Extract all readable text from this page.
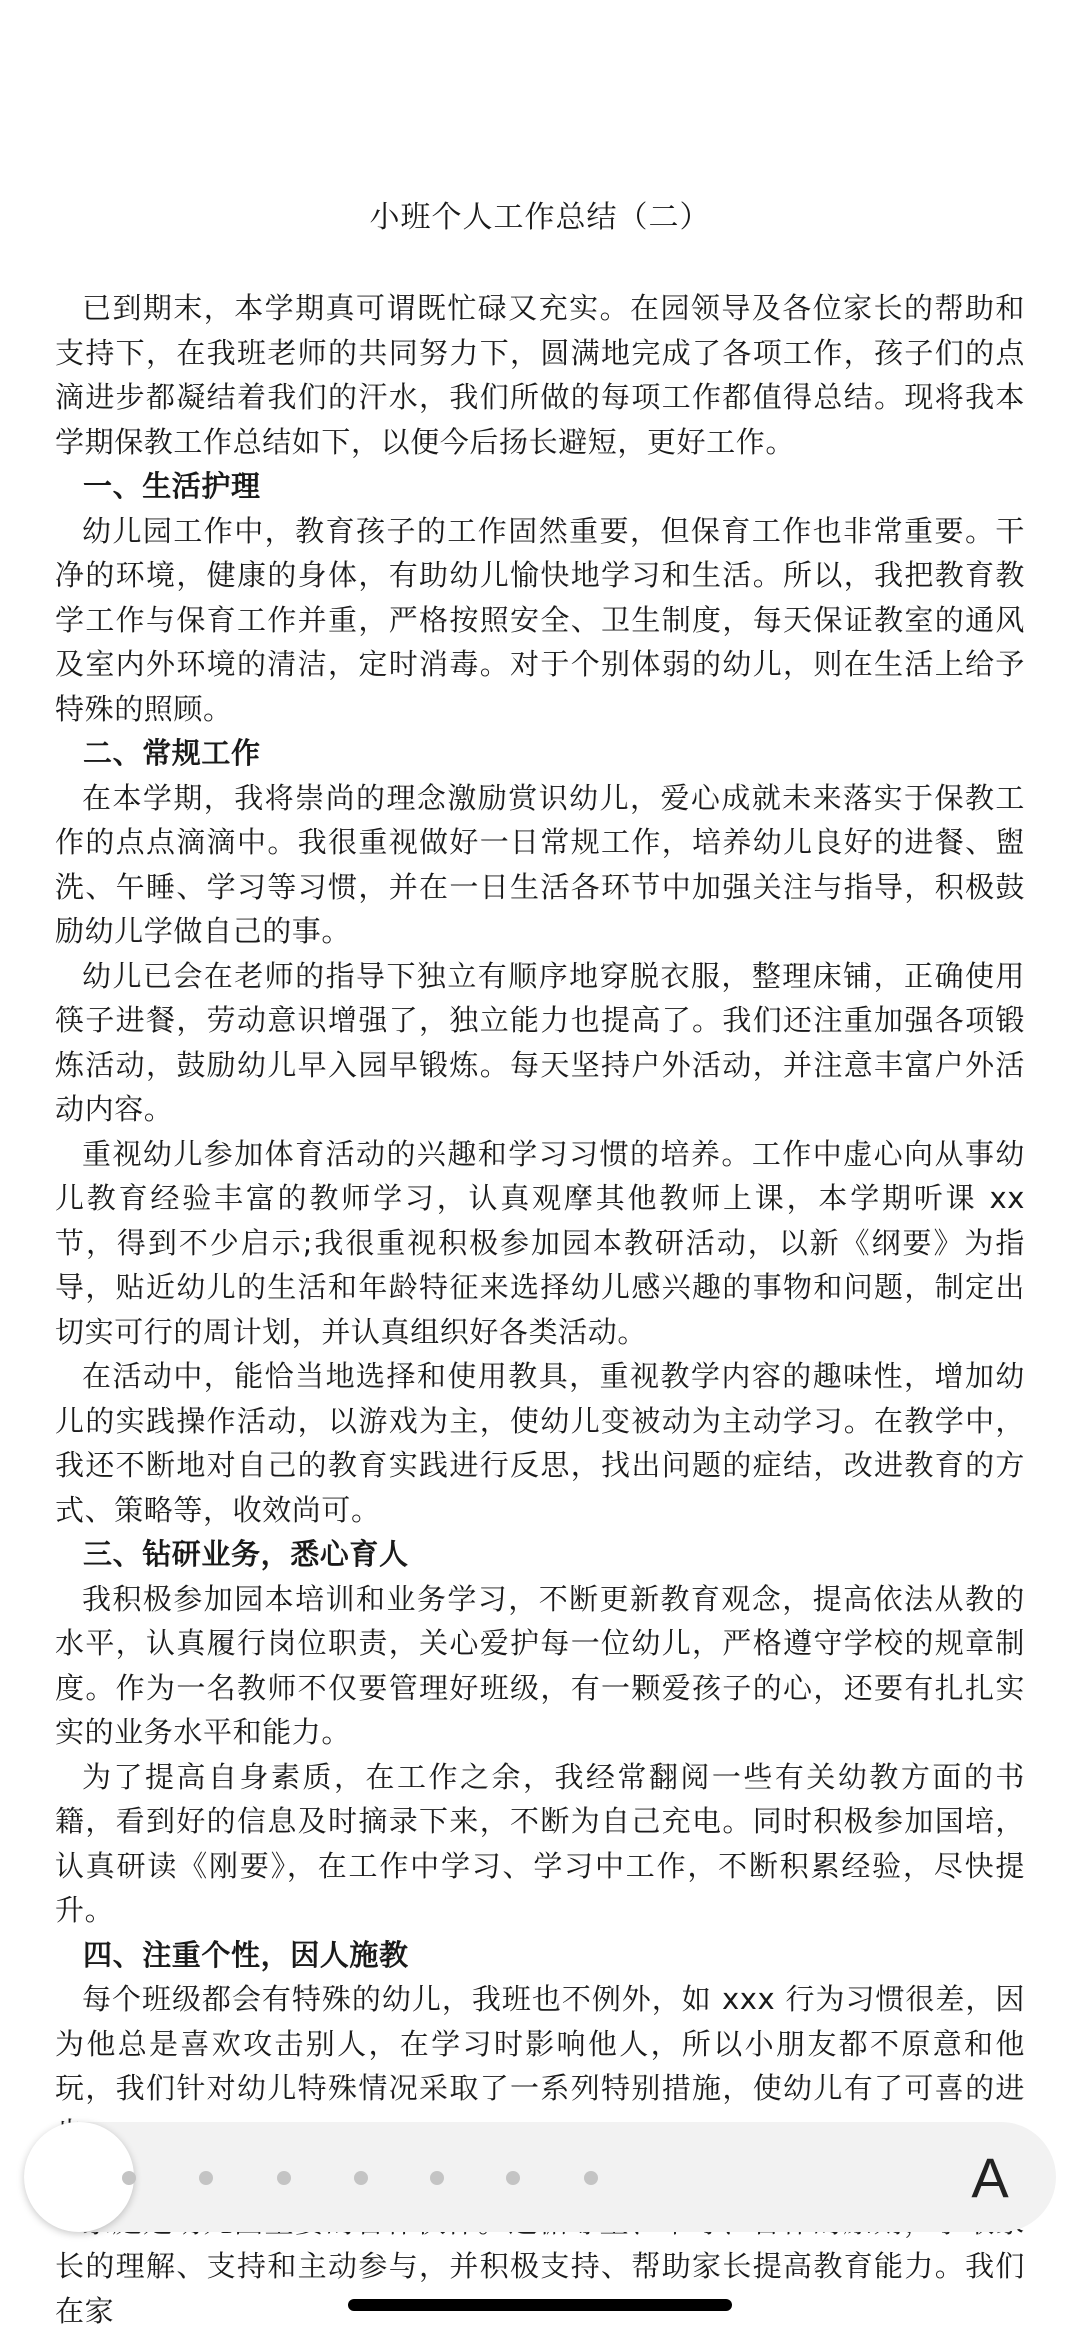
小班个人工作总结（二）

已到期末，本学期真可谓既忙碌又充实。在园领导及各位家长的帮助和支持下，在我班老师的共同努力下，圆满地完成了各项工作，孩子们的点滴进步都凝结着我们的汗水，我们所做的每项工作都值得总结。现将我本学期保教工作总结如下，以便今后扬长避短，更好工作。

一、生活护理

幼儿园工作中，教育孩子的工作固然重要，但保育工作也非常重要。干净的环境，健康的身体，有助幼儿愉快地学习和生活。所以，我把教育教学工作与保育工作并重，严格按照安全、卫生制度，每天保证教室的通风及室内外环境的清洁，定时消毒。对于个别体弱的幼儿，则在生活上给予特殊的照顾。

二、常规工作

在本学期，我将崇尚的理念激励赏识幼儿，爱心成就未来落实于保教工作的点点滴滴中。我很重视做好一日常规工作，培养幼儿良好的进餐、盥洗、午睡、学习等习惯，并在一日生活各环节中加强关注与指导，积极鼓励幼儿学做自己的事。

幼儿已会在老师的指导下独立有顺序地穿脱衣服，整理床铺，正确使用筷子进餐，劳动意识增强了，独立能力也提高了。我们还注重加强各项锻炼活动，鼓励幼儿早入园早锻炼。每天坚持户外活动，并注意丰富户外活动内容。

重视幼儿参加体育活动的兴趣和学习习惯的培养。工作中虚心向从事幼儿教育经验丰富的教师学习，认真观摩其他教师上课，本学期听课 xx 节，得到不少启示;我很重视积极参加园本教研活动，以新《纲要》为指导，贴近幼儿的生活和年龄特征来选择幼儿感兴趣的事物和问题，制定出切实可行的周计划，并认真组织好各类活动。

在活动中，能恰当地选择和使用教具，重视教学内容的趣味性，增加幼儿的实践操作活动，以游戏为主，使幼儿变被动为主动学习。在教学中，我还不断地对自己的教育实践进行反思，找出问题的症结，改进教育的方式、策略等，收效尚可。

三、钻研业务，悉心育人

我积极参加园本培训和业务学习，不断更新教育观念，提高依法从教的水平，认真履行岗位职责，关心爱护每一位幼儿，严格遵守学校的规章制度。作为一名教师不仅要管理好班级，有一颗爱孩子的心，还要有扎扎实实的业务水平和能力。

为了提高自身素质，在工作之余，我经常翻阅一些有关幼教方面的书籍，看到好的信息及时摘录下来，不断为自己充电。同时积极参加国培，认真研读《刚要》，在工作中学习、学习中工作，不断积累经验，尽快提升。

四、注重个性，因人施教

每个班级都会有特殊的幼儿，我班也不例外，如 xxx 行为习惯很差，因为他总是喜欢攻击别人，在学习时影响他人，所以小朋友都不原意和他玩，我们针对幼儿特殊情况采取了一系列特别措施，使幼儿有了可喜的进

长的理解、支持和主动参与，并积极支持、帮助家长提高教育能力。我们在家

A
